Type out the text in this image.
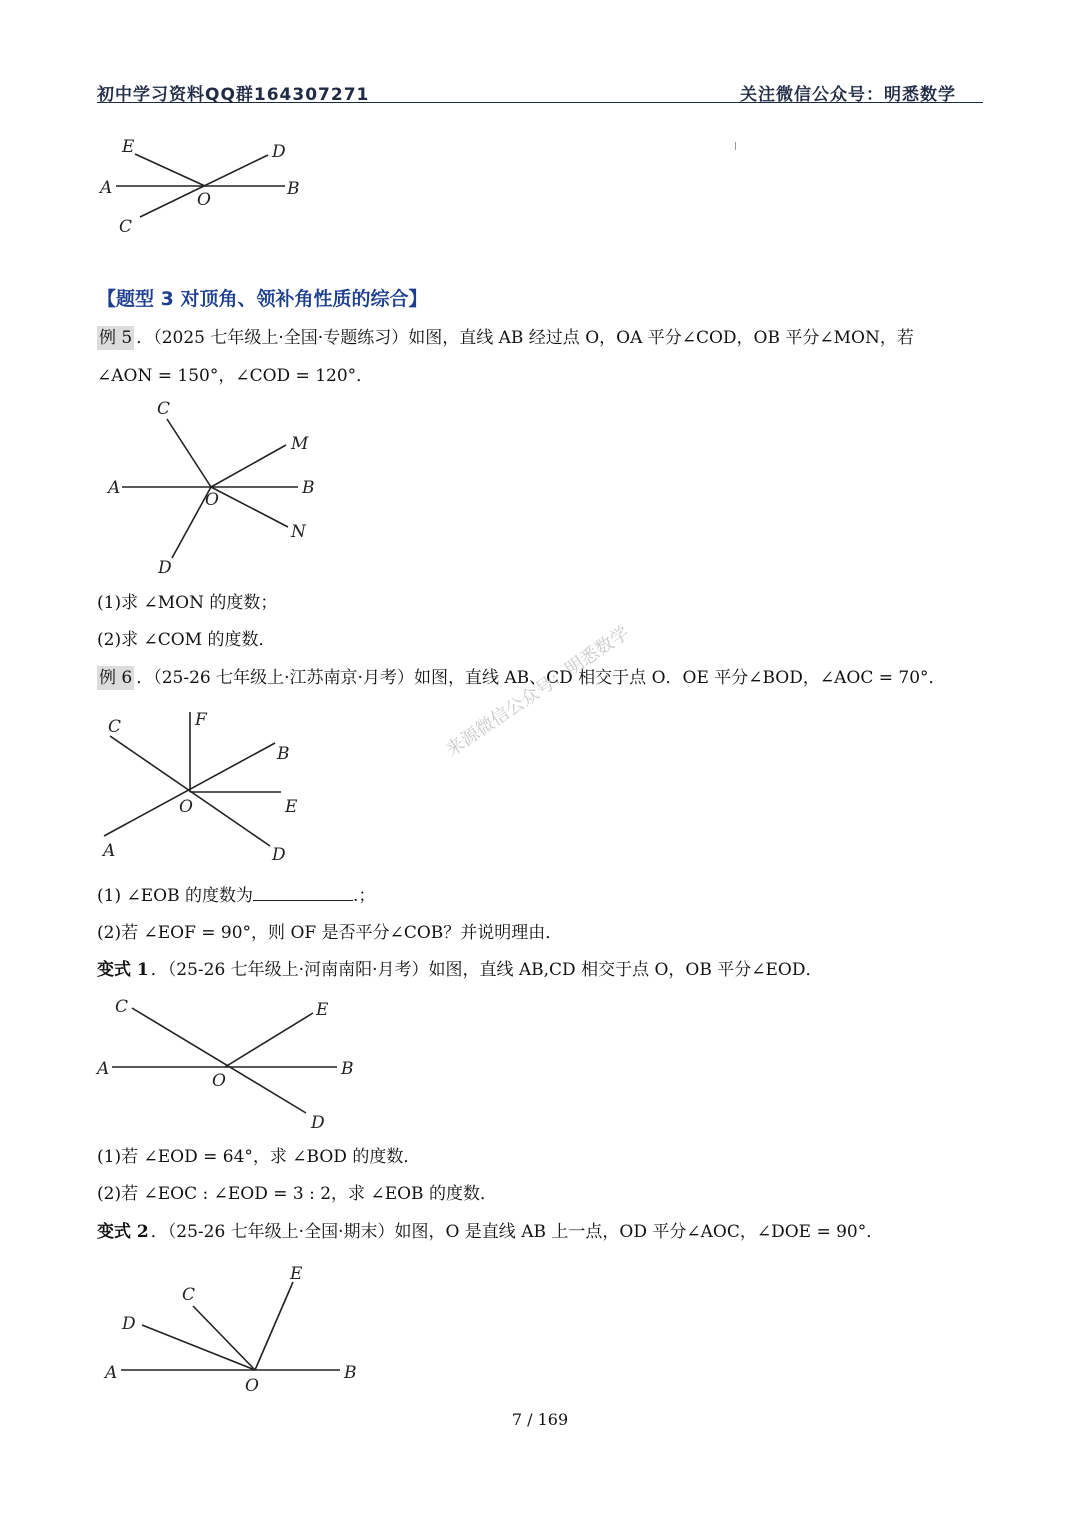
初中学习资料QQ群164307271	关注微信公众号：明悉数学
E	D
A	B
O
C
【题型 3 对顶角、领补角性质的综合】
例 5 ．（2025 七年级上·全国·专题练习）如图，直线 AB 经过点 O，OA 平分∠COD，OB 平分∠MON，若
∠AON = 150°，∠COD = 120°．
C
M
A	B
O
N
D
(1)求 ∠MON 的度数；
(2)求 ∠COM 的度数．
例 6 ．（25-26 七年级上·江苏南京·月考）如图，直线 AB、CD 相交于点 O．OE 平分∠BOD，∠AOC = 70°．
C	F
B
O	E
A	D
来源微信公众号：明悉数学
(1) ∠EOB 的度数为	.；
(2)若 ∠EOF = 90°，则 OF 是否平分∠COB？并说明理由．
变式 1 ．（25-26 七年级上·河南南阳·月考）如图，直线 AB,CD 相交于点 O，OB 平分∠EOD．
C	E
A
O
B
D
(1)若 ∠EOD = 64°，求 ∠BOD 的度数．
(2)若 ∠EOC : ∠EOD = 3 : 2，求 ∠EOB 的度数．
变式 2 ．（25-26 七年级上·全国·期末）如图，O 是直线 AB 上一点，OD 平分∠AOC，∠DOE = 90°．
E
C
D
A
O
B
7 / 169
